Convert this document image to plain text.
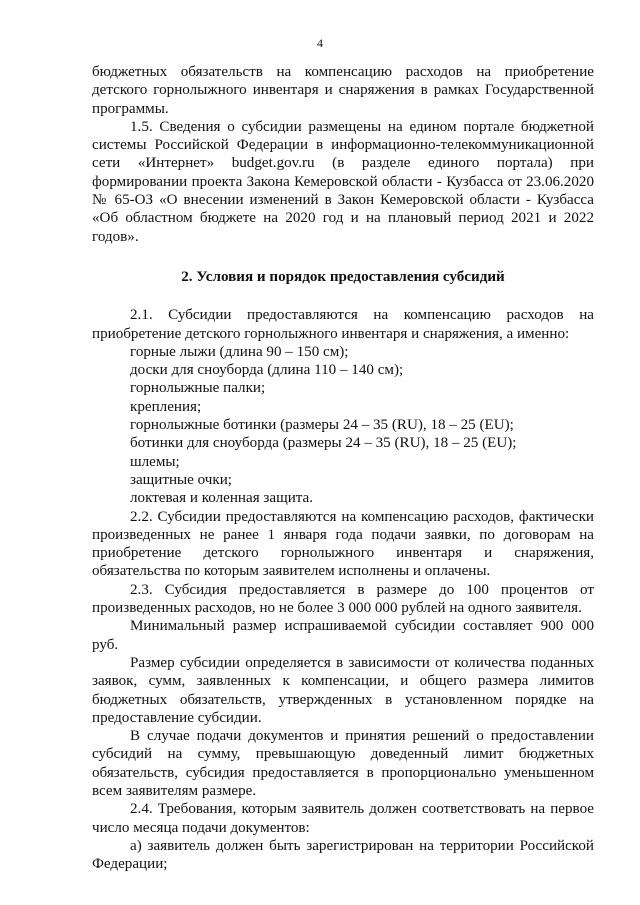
4

бюджетных обязательств на компенсацию расходов на приобретение детского горнолыжного инвентаря и снаряжения в рамках Государственной программы.

1.5. Сведения о субсидии размещены на едином портале бюджетной системы Российской Федерации в информационно-телекоммуникационной сети «Интернет» budget.gov.ru (в разделе единого портала) при формировании проекта Закона Кемеровской области - Кузбасса от 23.06.2020 № 65-ОЗ «О внесении изменений в Закон Кемеровской области - Кузбасса «Об областном бюджете на 2020 год и на плановый период 2021 и 2022 годов».

2. Условия и порядок предоставления субсидий

2.1. Субсидии предоставляются на компенсацию расходов на приобретение детского горнолыжного инвентаря и снаряжения, а именно:

горные лыжи (длина 90 – 150 см);

доски для сноуборда (длина 110 – 140 см);

горнолыжные палки;

крепления;

горнолыжные ботинки (размеры 24 – 35 (RU), 18 – 25 (EU);

ботинки для сноуборда (размеры 24 – 35 (RU), 18 – 25 (EU);

шлемы;

защитные очки;

локтевая и коленная защита.

2.2. Субсидии предоставляются на компенсацию расходов, фактически произведенных не ранее 1 января года подачи заявки, по договорам на приобретение детского горнолыжного инвентаря и снаряжения, обязательства по которым заявителем исполнены и оплачены.

2.3. Субсидия предоставляется в размере до 100 процентов от произведенных расходов, но не более 3 000 000 рублей на одного заявителя.

Минимальный размер испрашиваемой субсидии составляет 900 000 руб.

Размер субсидии определяется в зависимости от количества поданных заявок, сумм, заявленных к компенсации, и общего размера лимитов бюджетных обязательств, утвержденных в установленном порядке на предоставление субсидии.

В случае подачи документов и принятия решений о предоставлении субсидий на сумму, превышающую доведенный лимит бюджетных обязательств, субсидия предоставляется в пропорционально уменьшенном всем заявителям размере.

2.4. Требования, которым заявитель должен соответствовать на первое число месяца подачи документов:

а) заявитель должен быть зарегистрирован на территории Российской Федерации;
